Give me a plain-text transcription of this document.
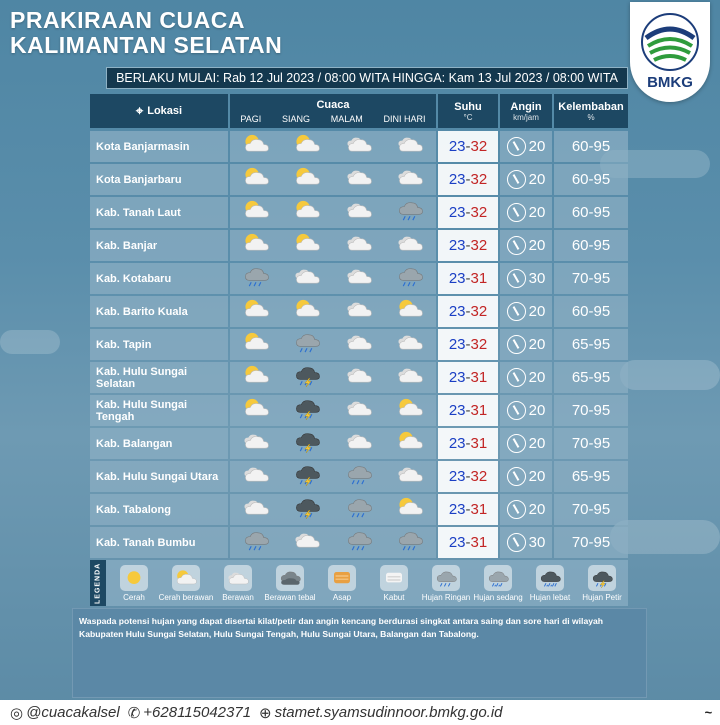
PRAKIRAAN CUACA
KALIMANTAN SELATAN
BMKG
BERLAKU MULAI: Rab 12 Jul 2023 / 08:00 WITA HINGGA: Kam 13 Jul 2023 / 08:00 WITA
⌖ Lokasi
Cuaca
PAGI SIANG MALAM DINI HARI
Suhu
°C
Angin
km/jam
Kelembaban
%
Kota Banjarmasin	23 - 32	20	60-95
Kota Banjarbaru	23 - 32	20	60-95
Kab. Tanah Laut	23 - 32	20	60-95
Kab. Banjar	23 - 32	20	60-95
Kab. Kotabaru	23 - 31	30	70-95
Kab. Barito Kuala	23 - 32	20	60-95
Kab. Tapin	23 - 32	20	65-95
Kab. Hulu Sungai Selatan	23 - 31	20	65-95
Kab. Hulu Sungai Tengah	23 - 31	20	70-95
Kab. Balangan	23 - 31	20	70-95
Kab. Hulu Sungai Utara	23 - 32	20	65-95
Kab. Tabalong	23 - 31	20	70-95
Kab. Tanah Bumbu	23 - 31	30	70-95
LEGENDA	Cerah Cerah berawan Berawan Berawan tebal Asap	Kabut Hujan Ringan Hujan sedang Hujan lebat Hujan Petir
Waspada potensi hujan yang dapat disertai kilat/petir dan angin kencang berdurasi singkat antara saing dan sore hari di wilayah Kabupaten Hulu Sungai Selatan, Hulu Sungai Tengah, Hulu Sungai Utara, Balangan dan Tabalong.
◎ @cuacakalsel ✆ +628115042371 ⊕ stamet.syamsudinnoor.bmkg.go.id	~
